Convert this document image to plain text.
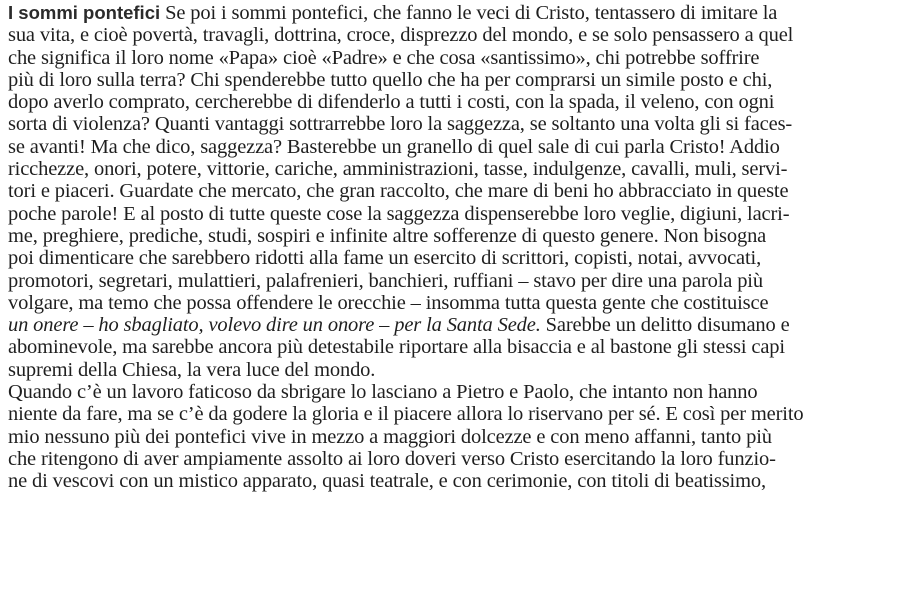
I sommi pontefici Se poi i sommi pontefici, che fanno le veci di Cristo, tentassero di imitare la
sua vita, e cioè povertà, travagli, dottrina, croce, disprezzo del mondo, e se solo pensassero a quel
che significa il loro nome «Papa» cioè «Padre» e che cosa «santissimo», chi potrebbe soffrire
più di loro sulla terra? Chi spenderebbe tutto quello che ha per comprarsi un simile posto e chi,
dopo averlo comprato, cercherebbe di difenderlo a tutti i costi, con la spada, il veleno, con ogni
sorta di violenza? Quanti vantaggi sottrarrebbe loro la saggezza, se soltanto una volta gli si faces-
se avanti! Ma che dico, saggezza? Basterebbe un granello di quel sale di cui parla Cristo! Addio
ricchezze, onori, potere, vittorie, cariche, amministrazioni, tasse, indulgenze, cavalli, muli, servi-
tori e piaceri. Guardate che mercato, che gran raccolto, che mare di beni ho abbracciato in queste
poche parole! E al posto di tutte queste cose la saggezza dispenserebbe loro veglie, digiuni, lacri-
me, preghiere, prediche, studi, sospiri e infinite altre sofferenze di questo genere. Non bisogna
poi dimenticare che sarebbero ridotti alla fame un esercito di scrittori, copisti, notai, avvocati,
promotori, segretari, mulattieri, palafrenieri, banchieri, ruffiani – stavo per dire una parola più
volgare, ma temo che possa offendere le orecchie – insomma tutta questa gente che costituisce
un onere – ho sbagliato, volevo dire un onore – per la Santa Sede. Sarebbe un delitto disumano e
abominevole, ma sarebbe ancora più detestabile riportare alla bisaccia e al bastone gli stessi capi
supremi della Chiesa, la vera luce del mondo.
Quando c’è un lavoro faticoso da sbrigare lo lasciano a Pietro e Paolo, che intanto non hanno
niente da fare, ma se c’è da godere la gloria e il piacere allora lo riservano per sé. E così per merito
mio nessuno più dei pontefici vive in mezzo a maggiori dolcezze e con meno affanni, tanto più
che ritengono di aver ampiamente assolto ai loro doveri verso Cristo esercitando la loro funzio-
ne di vescovi con un mistico apparato, quasi teatrale, e con cerimonie, con titoli di beatissimo,
